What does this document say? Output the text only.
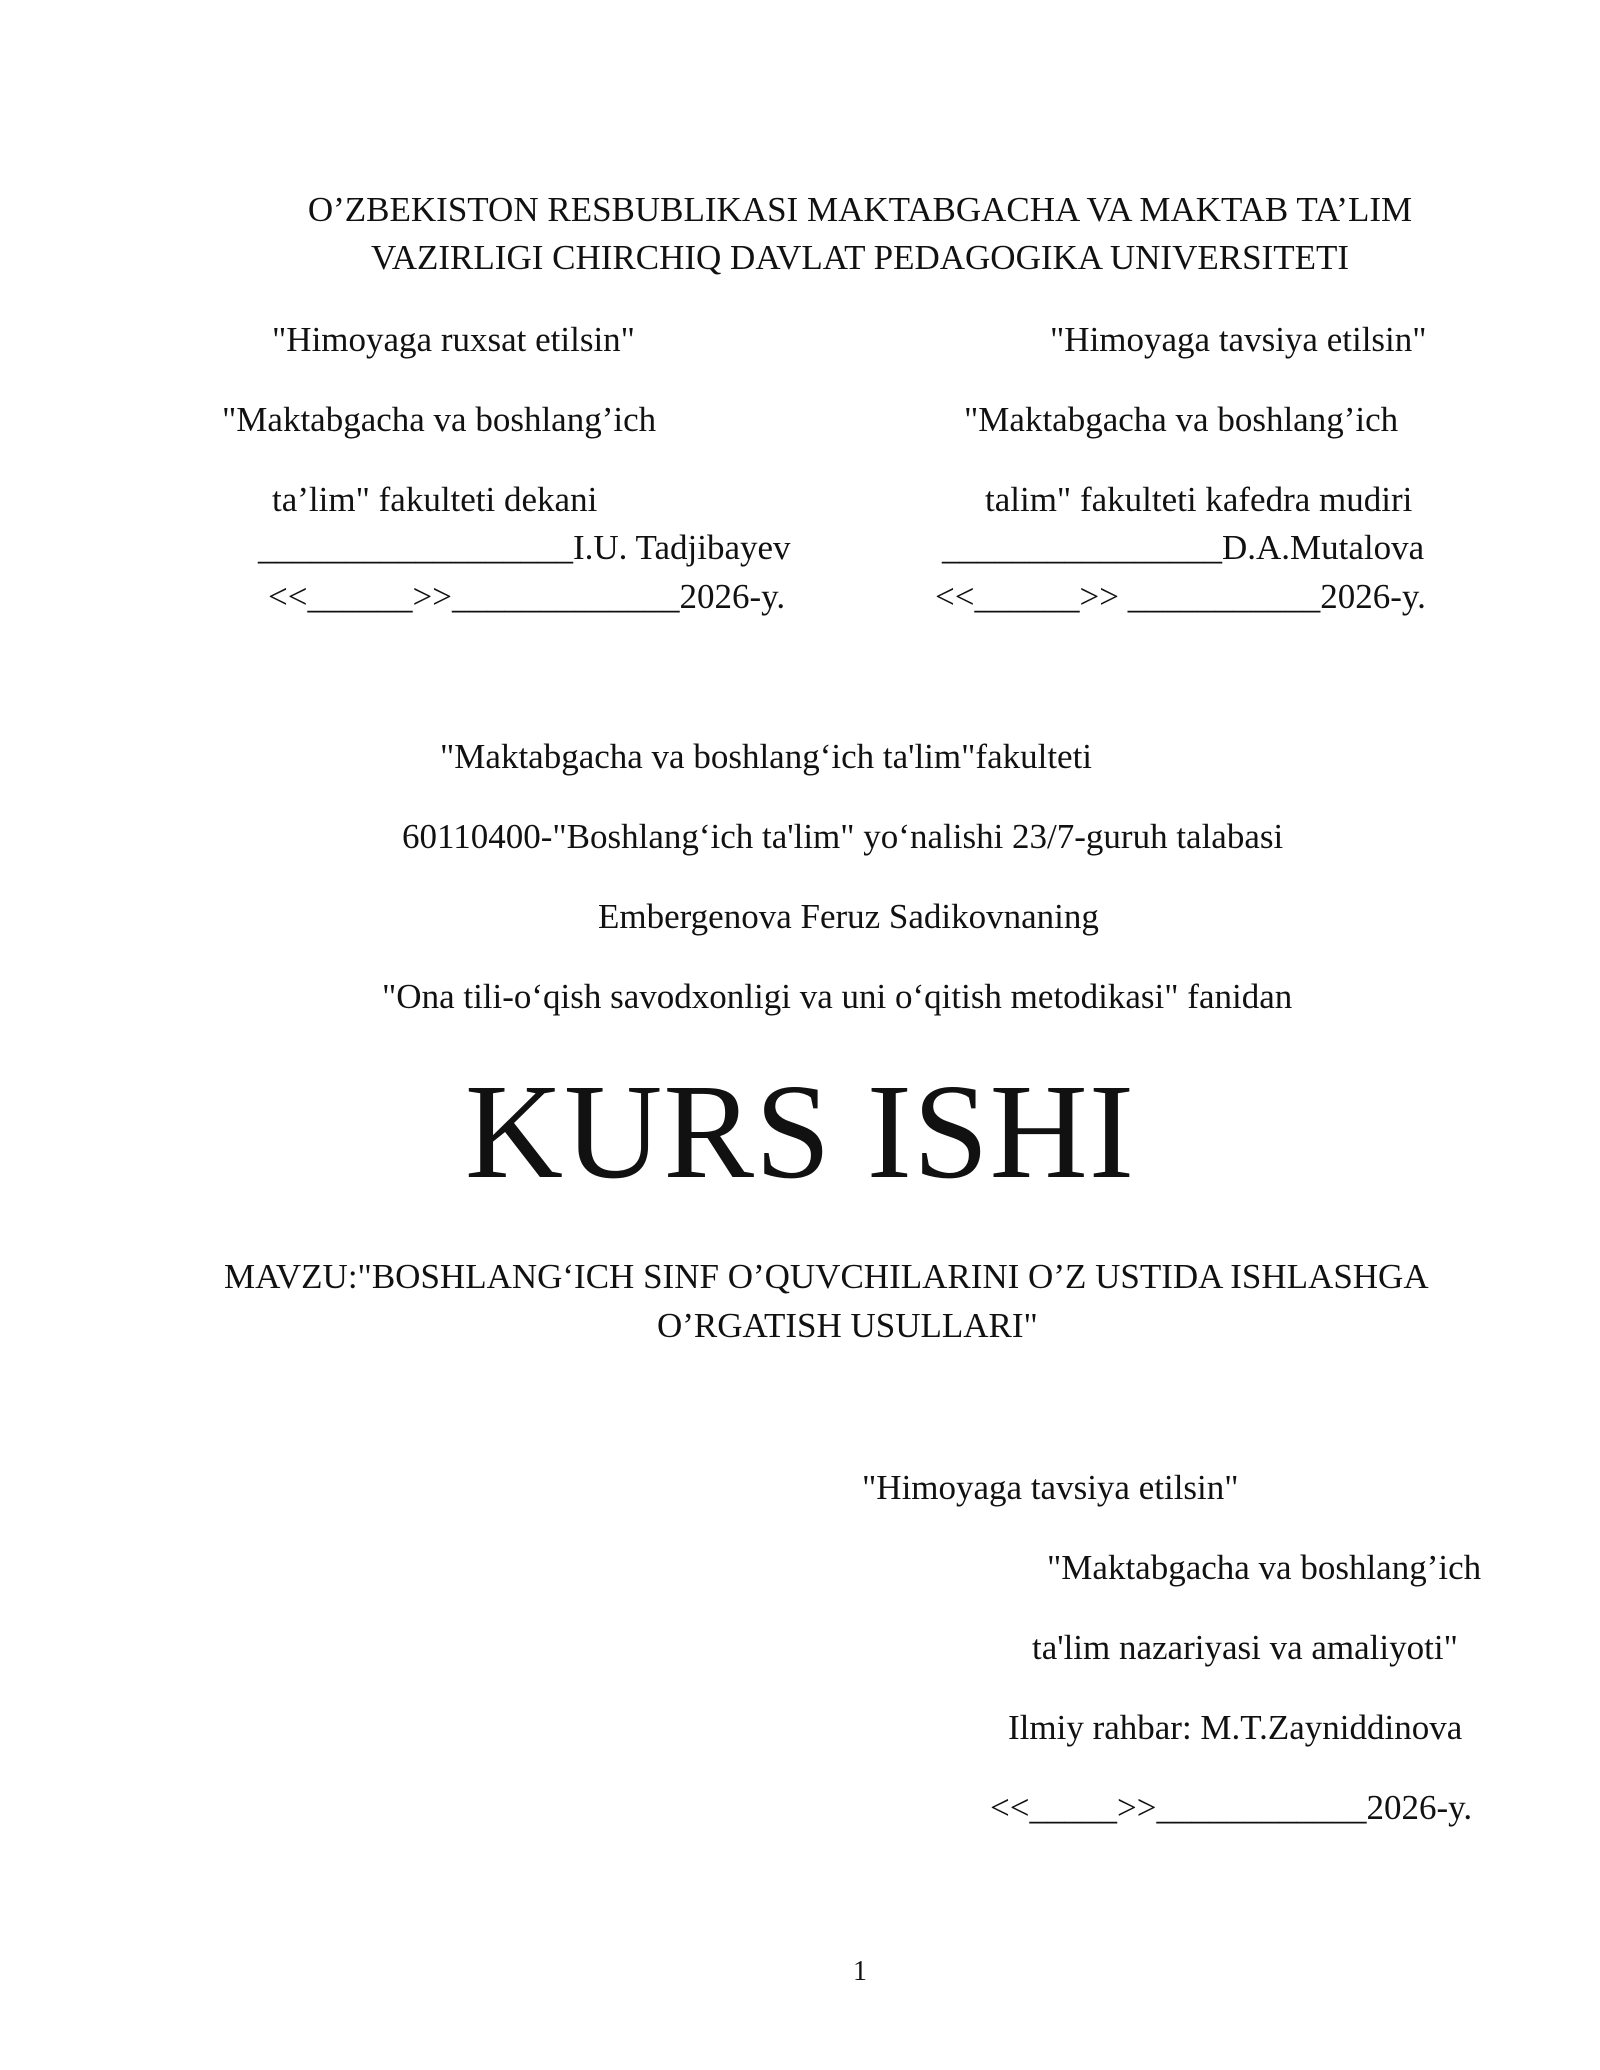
O’ZBEKISTON RESBUBLIKASI MAKTABGACHA VA MAKTAB TA’LIM
VAZIRLIGI CHIRCHIQ DAVLAT PEDAGOGIKA UNIVERSITETI
"Himoyaga ruxsat etilsin"
"Maktabgacha va boshlang’ich
ta’lim" fakulteti dekani
__________________I.U. Tadjibayev
<<______>>_____________2026-y.
"Himoyaga tavsiya etilsin"
"Maktabgacha va boshlang’ich
talim" fakulteti kafedra mudiri
________________D.A.Mutalova
<<______>> ___________2026-y.
"Maktabgacha va boshlang‘ich ta'lim"fakulteti
60110400-"Boshlang‘ich ta'lim" yo‘nalishi 23/7-guruh talabasi
Embergenova Feruz Sadikovnaning
"Ona tili-o‘qish savodxonligi va uni o‘qitish metodikasi" fanidan
KURS ISHI
MAVZU:"BOSHLANG‘ICH SINF O’QUVCHILARINI O’Z USTIDA ISHLASHGA
O’RGATISH USULLARI"
"Himoyaga tavsiya etilsin"
"Maktabgacha va boshlang’ich
ta'lim nazariyasi va amaliyoti"
Ilmiy rahbar: M.T.Zayniddinova
<<_____>>____________2026-y.
1
